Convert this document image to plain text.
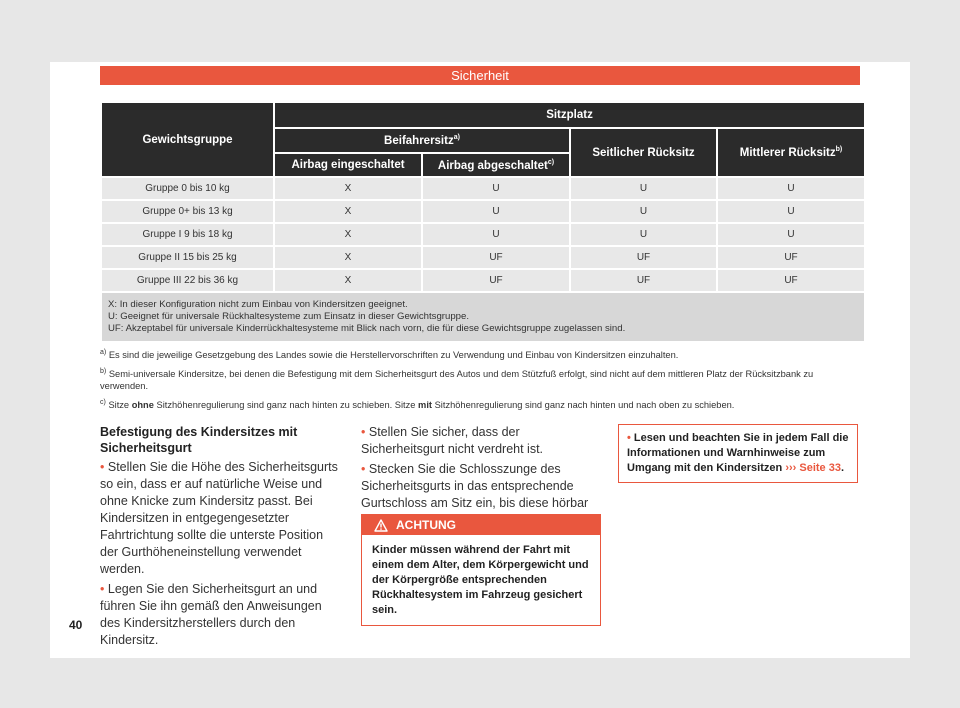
Sicherheit
Gewichtsgruppe	Sitzplatz			
	Beifahrersitz$^{a)}$		Seitlicher Rücksitz	Mittlerer Rücksitz$^{b)}$
	Airbag eingeschaltet	Airbag abgeschaltet$^{c)}$
Gruppe 0 bis 10 kg	X	U	U	U
Gruppe 0+ bis 13 kg	X	U	U	U
Gruppe I 9 bis 18 kg	X	U	U	U
Gruppe II 15 bis 25 kg	X	UF	UF	UF
Gruppe III 22 bis 36 kg	X	UF	UF	UF

X: In dieser Konfiguration nicht zum Einbau von Kindersitzen geeignet.
U: Geeignet für universale Rückhaltesysteme zum Einsatz in dieser Gewichtsgruppe.
UF: Akzeptabel für universale Kinderrückhaltesysteme mit Blick nach vorn, die für diese Gewichtsgruppe zugelassen sind.				

$^{a)}$ Es sind die jeweilige Gesetzgebung des Landes sowie die Herstellervorschriften zu Verwendung und Einbau von Kindersitzen einzuhalten.

$^{b)}$ Semi-universale Kindersitze, bei denen die Befestigung mit dem Sicherheitsgurt des Autos und dem Stützfuß erfolgt, sind nicht auf dem mittleren Platz der Rücksitzbank zu verwenden.

$^{c)}$ Sitze ohne Sitzhöhenregulierung sind ganz nach hinten zu schieben. Sitze mit Sitzhöhenregulierung sind ganz nach hinten und nach oben zu schieben.

Befestigung des Kindersitzes mit Sicherheitsgurt

• Stellen Sie die Höhe des Sicherheitsgurts so ein, dass er auf natürliche Weise und ohne Knicke zum Kindersitz passt. Bei Kindersitzen in entgegengesetzter Fahrtrichtung sollte die unterste Position der Gurthöheneinstellung verwendet werden.

• Legen Sie den Sicherheitsgurt an und führen Sie ihn gemäß den Anweisungen des Kindersitzherstellers durch den Kindersitz.

• Stellen Sie sicher, dass der Sicherheitsgurt nicht verdreht ist.

• Stecken Sie die Schlosszunge des Sicherheitsgurts in das entsprechende Gurtschloss am Sitz ein, bis diese hörbar

ACHTUNG
Kinder müssen während der Fahrt mit einem dem Alter, dem Körpergewicht und der Körpergröße entsprechenden Rückhaltesystem im Fahrzeug gesichert sein.
• Lesen und beachten Sie in jedem Fall die Informationen und Warnhinweise zum Umgang mit den Kindersitzen ››› Seite 33.
40
